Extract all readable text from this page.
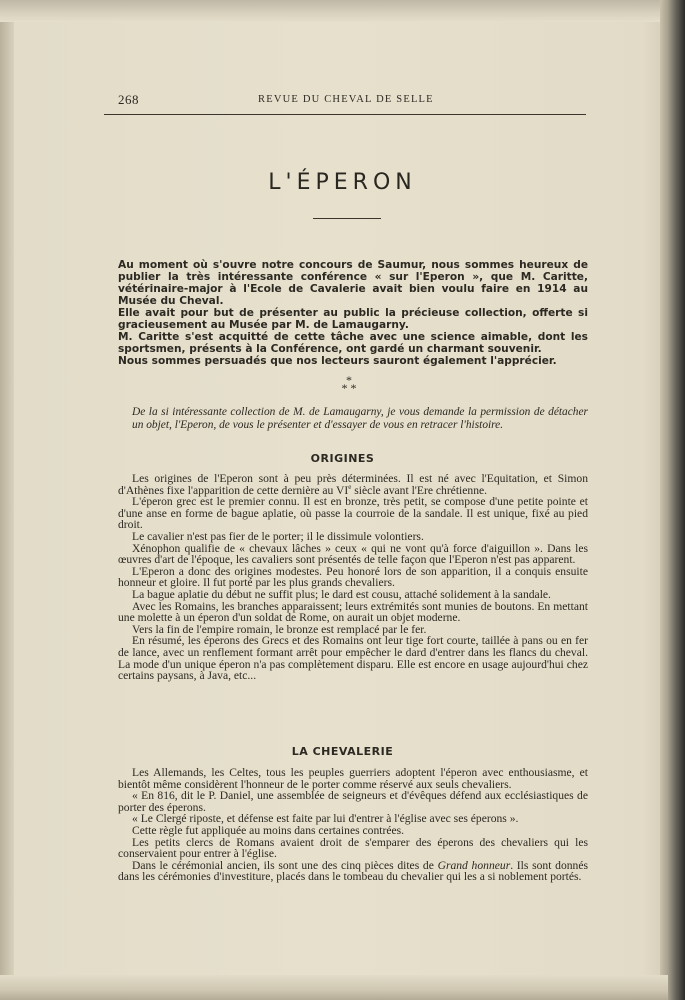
268	REVUE DU CHEVAL DE SELLE
L'ÉPERON

Au moment où s'ouvre notre concours de Saumur, nous sommes heureux de publier la très intéressante conférence « sur l'Eperon », que M. Caritte, vétérinaire-major à l'Ecole de Cavalerie avait bien voulu faire en 1914 au Musée du Cheval.

Elle avait pour but de présenter au public la précieuse collection, offerte si gracieusement au Musée par M. de Lamaugarny.

M. Caritte s'est acquitté de cette tâche avec une science aimable, dont les sportsmen, présents à la Conférence, ont gardé un charmant souvenir.

Nous sommes persuadés que nos lecteurs sauront également l'apprécier.

*
* *

De la si intéressante collection de M. de Lamaugarny, je vous demande la permission de détacher un objet, l'Eperon, de vous le présenter et d'essayer de vous en retracer l'histoire.

ORIGINES

Les origines de l'Eperon sont à peu près déterminées. Il est né avec l'Equitation, et Simon d'Athènes fixe l'apparition de cette dernière au VIe siècle avant l'Ere chrétienne.

L'éperon grec est le premier connu. Il est en bronze, très petit, se compose d'une petite pointe et d'une anse en forme de bague aplatie, où passe la courroie de la sandale. Il est unique, fixé au pied droit.

Le cavalier n'est pas fier de le porter; il le dissimule volontiers.

Xénophon qualifie de « chevaux lâches » ceux « qui ne vont qu'à force d'aiguillon ». Dans les œuvres d'art de l'époque, les cavaliers sont présentés de telle façon que l'Eperon n'est pas apparent.

L'Eperon a donc des origines modestes. Peu honoré lors de son apparition, il a conquis ensuite honneur et gloire. Il fut porté par les plus grands chevaliers.

La bague aplatie du début ne suffit plus; le dard est cousu, attaché solidement à la sandale.

Avec les Romains, les branches apparaissent; leurs extrémités sont munies de boutons. En mettant une molette à un éperon d'un soldat de Rome, on aurait un objet moderne.

Vers la fin de l'empire romain, le bronze est remplacé par le fer.

En résumé, les éperons des Grecs et des Romains ont leur tige fort courte, taillée à pans ou en fer de lance, avec un renflement formant arrêt pour empêcher le dard d'entrer dans les flancs du cheval. La mode d'un unique éperon n'a pas complètement disparu. Elle est encore en usage aujourd'hui chez certains paysans, à Java, etc...

LA CHEVALERIE

Les Allemands, les Celtes, tous les peuples guerriers adoptent l'éperon avec enthousiasme, et bientôt même considèrent l'honneur de le porter comme réservé aux seuls chevaliers.

« En 816, dit le P. Daniel, une assemblée de seigneurs et d'évêques défend aux ecclésiastiques de porter des éperons.

« Le Clergé riposte, et défense est faite par lui d'entrer à l'église avec ses éperons ».

Cette règle fut appliquée au moins dans certaines contrées.

Les petits clercs de Romans avaient droit de s'emparer des éperons des chevaliers qui les conservaient pour entrer à l'église.

Dans le cérémonial ancien, ils sont une des cinq pièces dites de Grand honneur. Ils sont donnés dans les cérémonies d'investiture, placés dans le tombeau du chevalier qui les a si noblement portés.
